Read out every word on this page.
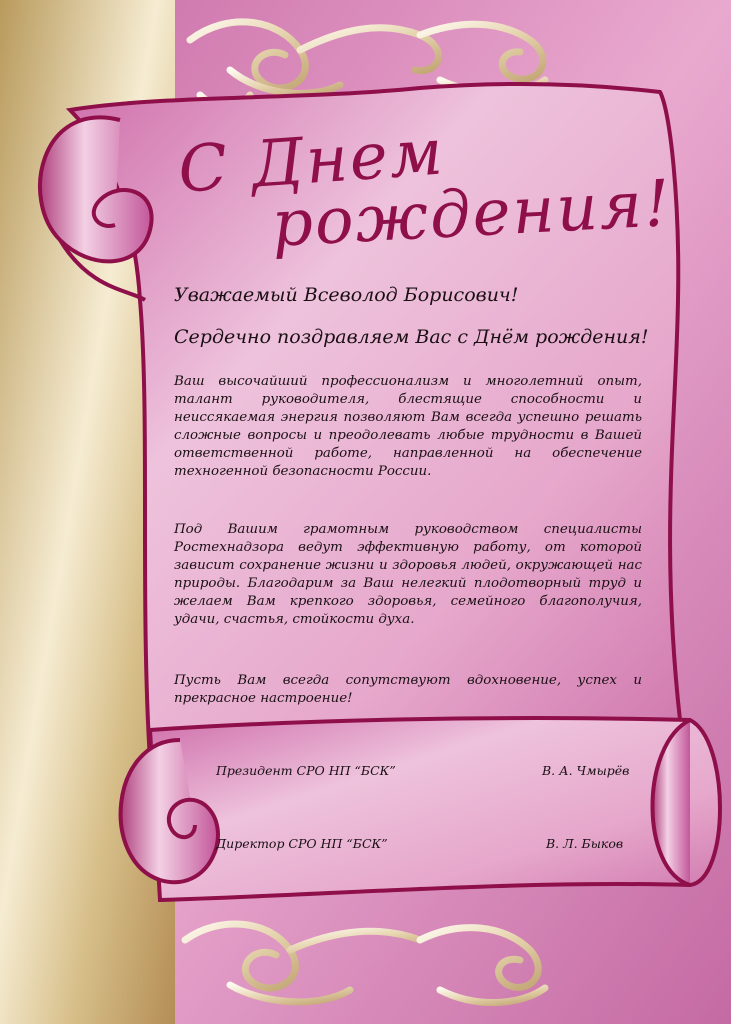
С Днем
рождения!
Уважаемый Всеволод Борисович!
Сердечно поздравляем Вас с Днём рождения!
Ваш высочайший профессионализм и многолетний опыт, талант руководителя, блестящие способности и неиссякаемая энергия позволяют Вам всегда успешно решать сложные вопросы и преодолевать любые трудности в Вашей ответственной работе, направленной на обеспечение техногенной безопасности России.
Под Вашим грамотным руководством специалисты Ростехнадзора ведут эффективную работу, от которой зависит сохранение жизни и здоровья людей, окружающей нас природы. Благодарим за Ваш нелегкий плодотворный труд и желаем Вам крепкого здоровья, семейного благополучия, удачи, счастья, стойкости духа.
Пусть Вам всегда сопутствуют вдохновение, успех и прекрасное настроение!
Президент СРО НП “БСК”	В. А. Чмырёв
Директор СРО НП “БСК”	В. Л. Быков
